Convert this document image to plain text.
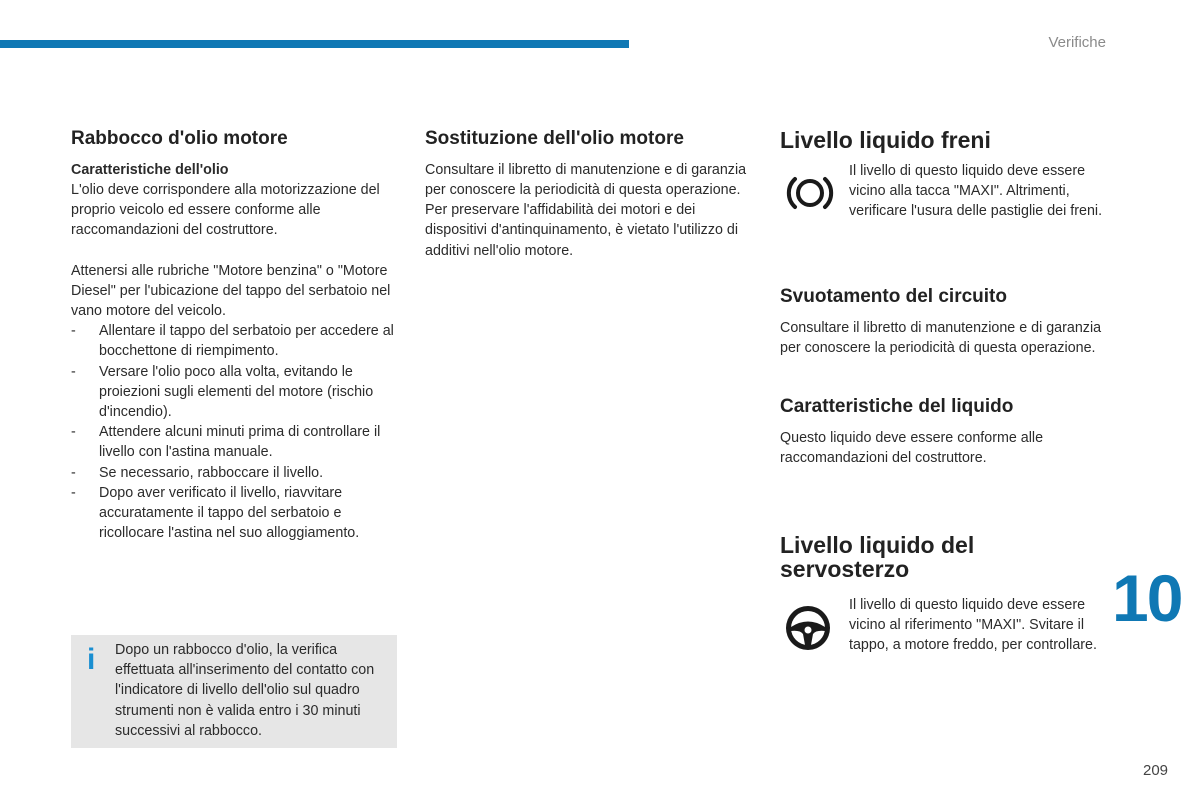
Verifiche
Rabbocco d'olio motore

Caratteristiche dell'olio

L'olio deve corrispondere alla motorizzazione del proprio veicolo ed essere conforme alle raccomandazioni del costruttore.

Attenersi alle rubriche "Motore benzina" o "Motore Diesel" per l'ubicazione del tappo del serbatoio nel vano motore del veicolo.

- Allentare il tappo del serbatoio per accedere al bocchettone di riempimento.
- Versare l'olio poco alla volta, evitando le proiezioni sugli elementi del motore (rischio d'incendio).
- Attendere alcuni minuti prima di controllare il livello con l'astina manuale.
- Se necessario, rabboccare il livello.
- Dopo aver verificato il livello, riavvitare accuratamente il tappo del serbatoio e ricollocare l'astina nel suo alloggiamento.
i Dopo un rabbocco d'olio, la verifica effettuata all'inserimento del contatto con l'indicatore di livello dell'olio sul quadro strumenti non è valida entro i 30 minuti successivi al rabbocco.

Sostituzione dell'olio motore

Consultare il libretto di manutenzione e di garanzia per conoscere la periodicità di questa operazione.

Per preservare l'affidabilità dei motori e dei dispositivi d'antinquinamento, è vietato l'utilizzo di additivi nell'olio motore.

Livello liquido freni

Il livello di questo liquido deve essere vicino alla tacca "MAXI". Altrimenti, verificare l'usura delle pastiglie dei freni.

Svuotamento del circuito

Consultare il libretto di manutenzione e di garanzia per conoscere la periodicità di questa operazione.

Caratteristiche del liquido

Questo liquido deve essere conforme alle raccomandazioni del costruttore.

Livello liquido del servosterzo

Il livello di questo liquido deve essere vicino al riferimento "MAXI". Svitare il tappo, a motore freddo, per controllare.

10
209
